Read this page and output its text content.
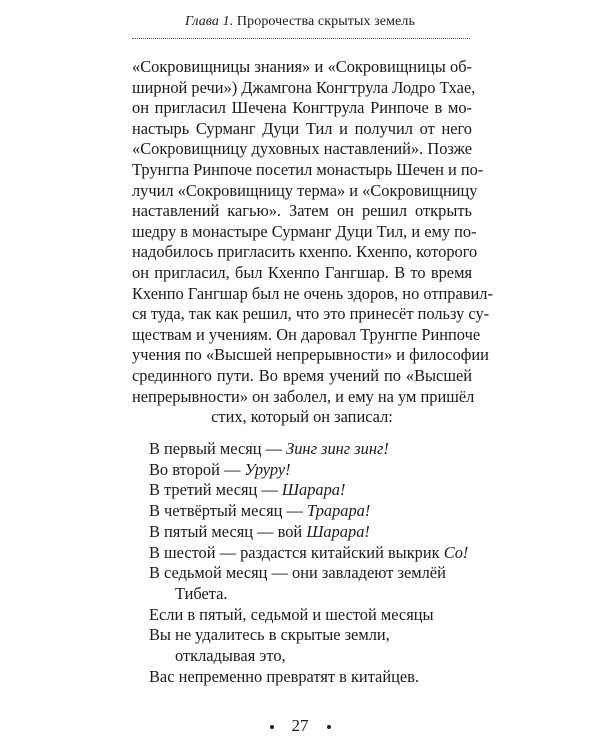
Глава 1. Пророчества скрытых земель
«Сокровищницы знания» и «Сокровищницы об-
ширной речи») Джамгона Конгтрула Лодро Тхае,
он пригласил Шечена Конгтрула Ринпоче в мо-
настырь Сурманг Дуци Тил и получил от него
«Сокровищницу духовных наставлений». Позже
Трунгпа Ринпоче посетил монастырь Шечен и по-
лучил «Сокровищницу терма» и «Сокровищницу
наставлений кагью». Затем он решил открыть
шедру в монастыре Сурманг Дуци Тил, и ему по-
надобилось пригласить кхенпо. Кхенпо, которого
он пригласил, был Кхенпо Гангшар. В то время
Кхенпо Гангшар был не очень здоров, но отправил-
ся туда, так как решил, что это принесёт пользу су-
ществам и учениям. Он даровал Трунгпе Ринпоче
учения по «Высшей непрерывности» и философии
срединного пути. Во время учений по «Высшей
непрерывности» он заболел, и ему на ум пришёл
стих, который он записал:
В первый месяц — Зинг зинг зинг!
Во второй — Уруру!
В третий месяц — Шарара!
В четвёртый месяц — Трарара!
В пятый месяц — вой Шарара!
В шестой — раздастся китайский выкрик Со!
В седьмой месяц — они завладеют землёй
Тибета.
Если в пятый, седьмой и шестой месяцы
Вы не удалитесь в скрытые земли,
откладывая это,
Вас непременно превратят в китайцев.
27
